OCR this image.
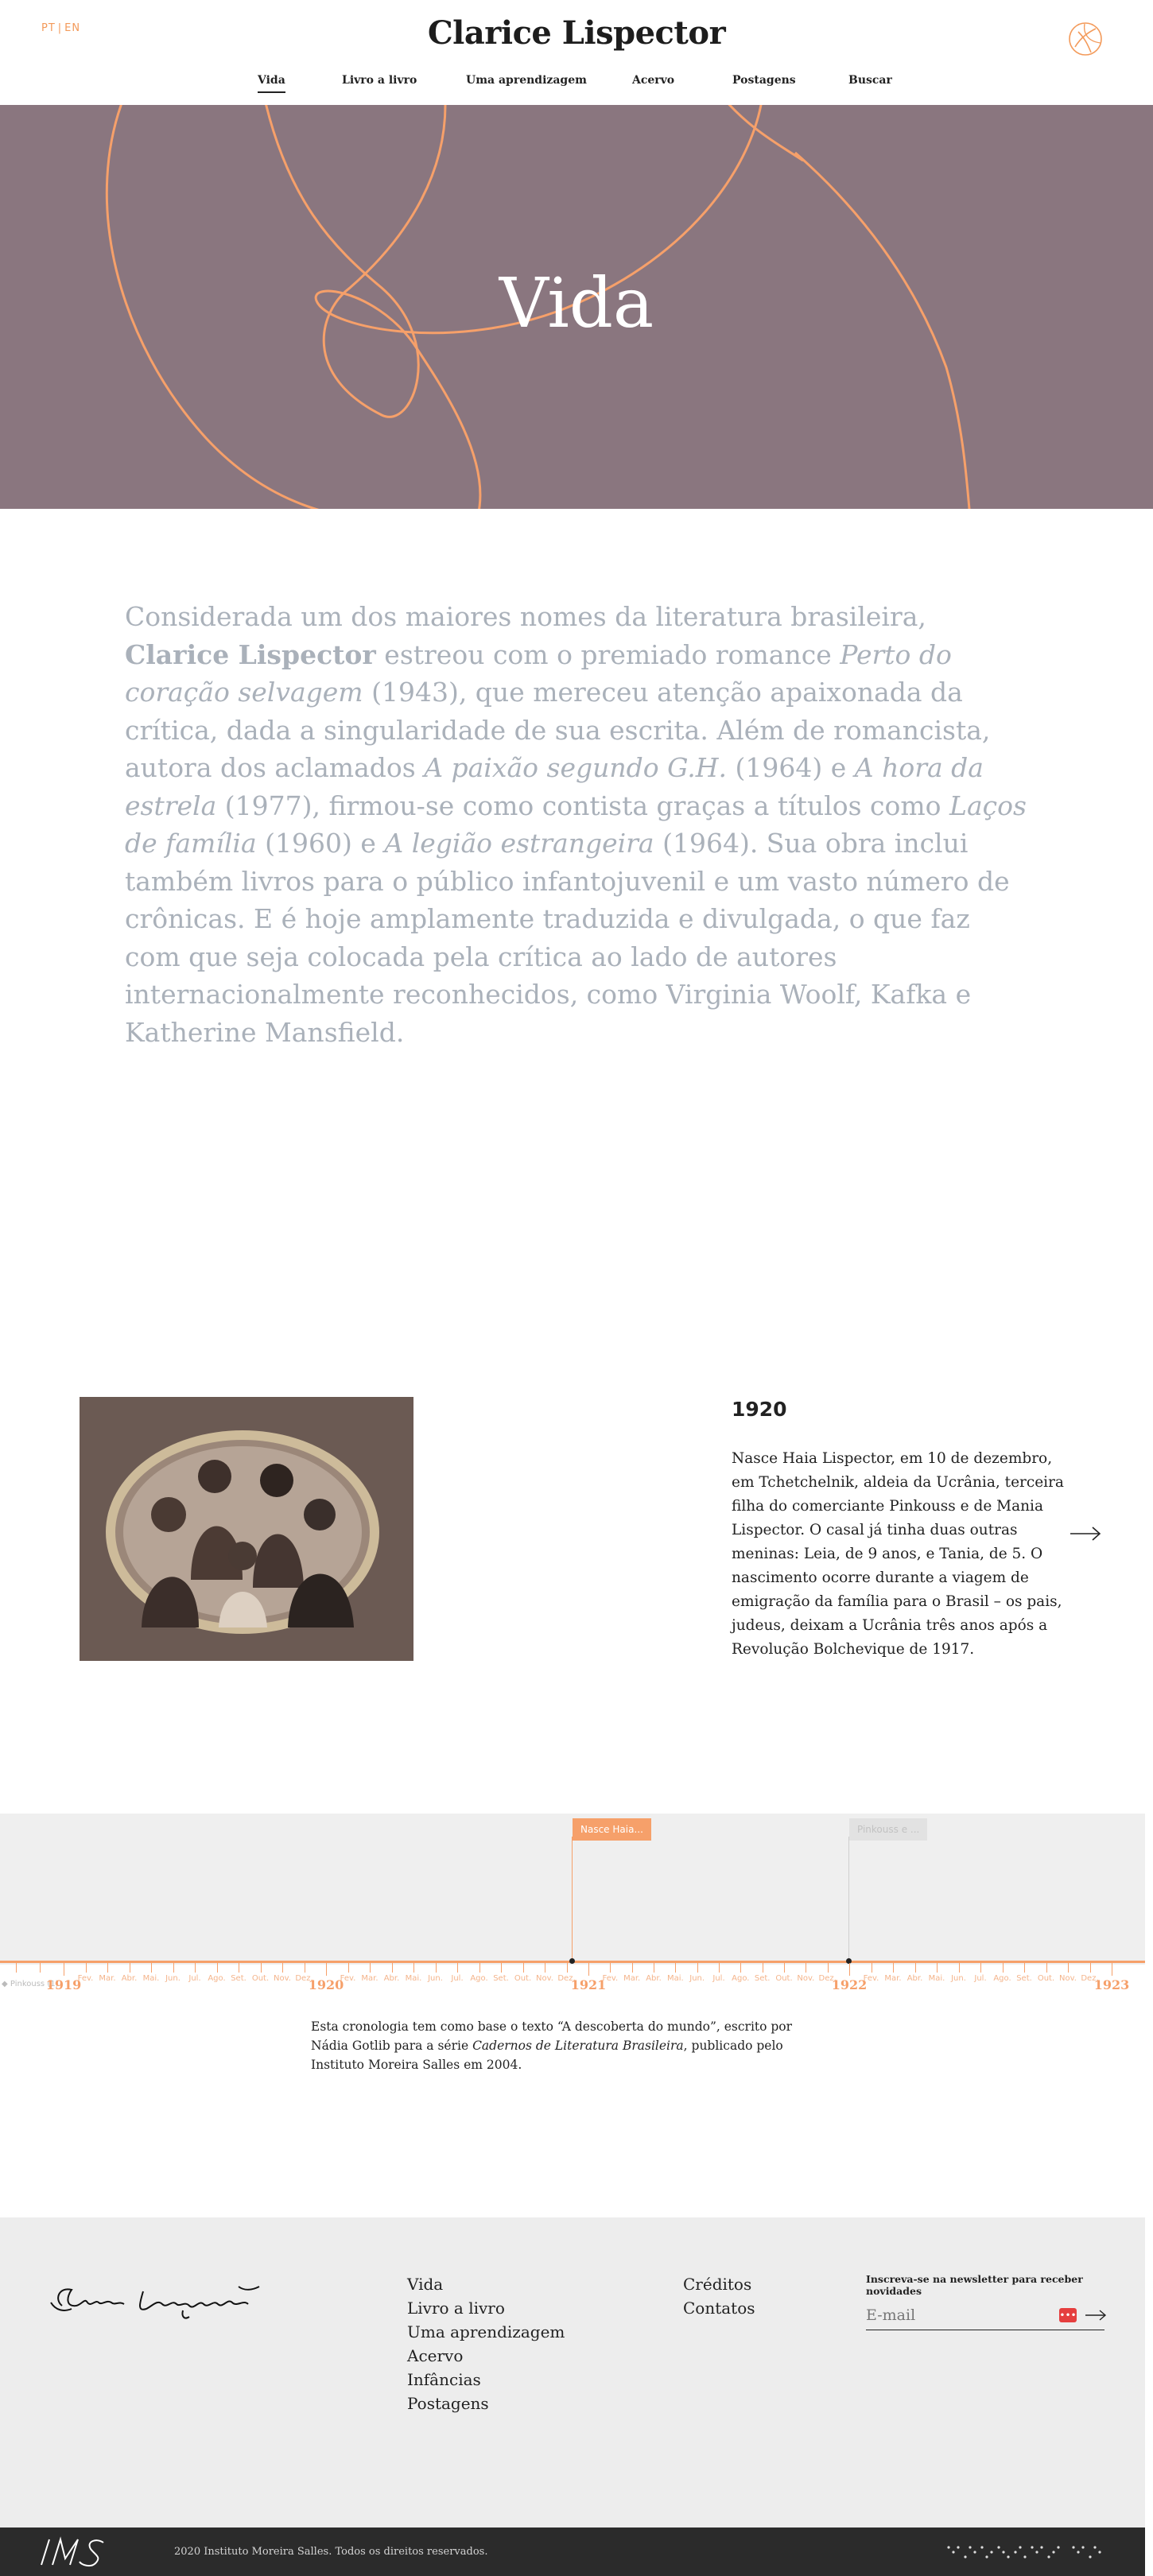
PT | EN	Clarice Lispector
Vida	Livro a livro	Uma aprendizagem	Acervo	Postagens	Buscar
Vida
Considerada um dos maiores nomes da literatura brasileira, Clarice Lispector estreou com o premiado romance Perto do coração selvagem (1943), que mereceu atenção apaixonada da crítica, dada a singularidade de sua escrita. Além de romancista, autora dos aclamados A paixão segundo G.H. (1964) e A hora da estrela (1977), firmou-se como contista graças a títulos como Laços de família (1960) e A legião estrangeira (1964). Sua obra inclui também livros para o público infantojuvenil e um vasto número de crônicas. E é hoje amplamente traduzida e divulgada, o que faz com que seja colocada pela crítica ao lado de autores internacionalmente reconhecidos, como Virginia Woolf, Kafka e Katherine Mansfield.
1920
Nasce Haia Lispector, em 10 de dezembro, em Tchetchelnik, aldeia da Ucrânia, terceira filha do comerciante Pinkouss e de Mania Lispector. O casal já tinha duas outras meninas: Leia, de 9 anos, e Tania, de 5. O nascimento ocorre durante a viagem de emigração da família para o Brasil – os pais, judeus, deixam a Ucrânia três anos após a Revolução Bolchevique de 1917.
Nasce Haia...	Pinkouss e ...
◆ Pinkouss (1)
1919	1920	1921	1922	1923
Fev. Mar. Abr. Mai. Jun. Jul. Ago. Set. Out. Nov. Dez.	Fev. Mar. Abr. Mai. Jun. Jul. Ago. Set. Out. Nov. Dez.	Fev. Mar. Abr. Mai. Jun. Jul. Ago. Set. Out. Nov. Dez.	Fev. Mar. Abr. Mai. Jun. Jul. Ago. Set. Out. Nov. Dez.
Esta cronologia tem como base o texto “A descoberta do mundo”, escrito por Nádia Gotlib para a série Cadernos de Literatura Brasileira, publicado pelo Instituto Moreira Salles em 2004.
Vida
Livro a livro
Uma aprendizagem
Acervo
Infâncias
Postagens
Créditos
Contatos
Inscreva-se na newsletter para receber novidades
E-mail
•••
2020 Instituto Moreira Salles. Todos os direitos reservados.
